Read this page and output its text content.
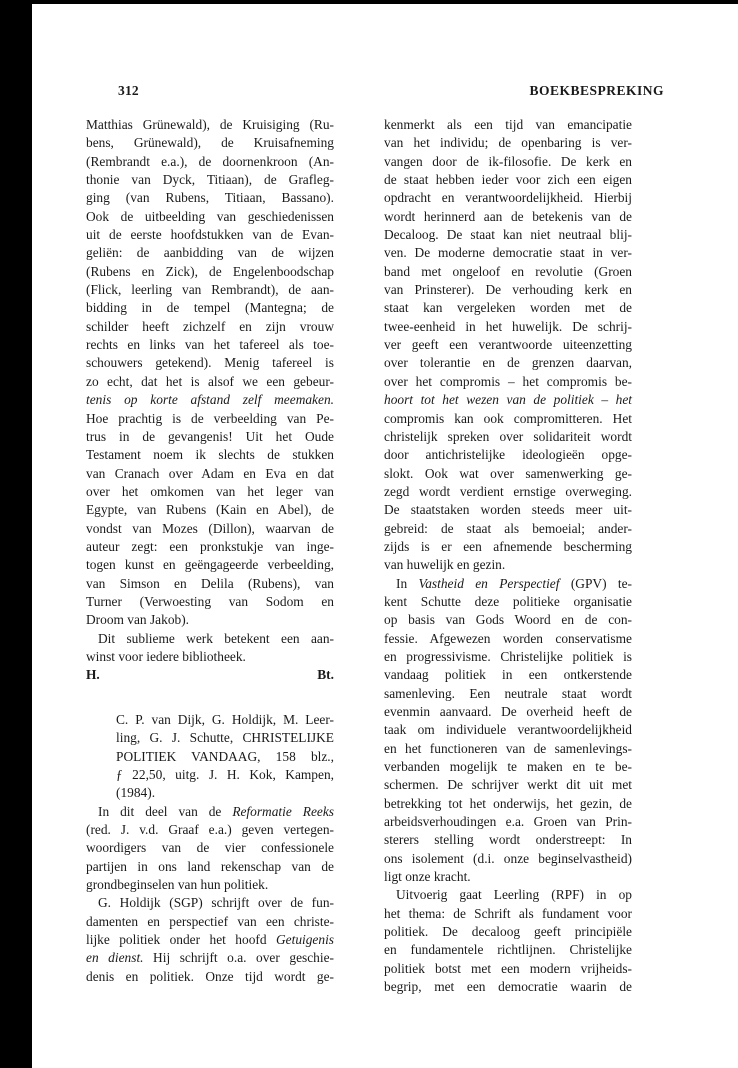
312	BOEKBESPREKING
Matthias Grünewald), de Kruisiging (Ru-
bens, Grünewald), de Kruisafneming
(Rembrandt e.a.), de doornenkroon (An-
thonie van Dyck, Titiaan), de Grafleg-
ging (van Rubens, Titiaan, Bassano).
Ook de uitbeelding van geschiedenissen
uit de eerste hoofdstukken van de Evan-
geliën: de aanbidding van de wijzen
(Rubens en Zick), de Engelenboodschap
(Flick, leerling van Rembrandt), de aan-
bidding in de tempel (Mantegna; de
schilder heeft zichzelf en zijn vrouw
rechts en links van het tafereel als toe-
schouwers getekend). Menig tafereel is
zo echt, dat het is alsof we een gebeur-
tenis op korte afstand zelf meemaken.
Hoe prachtig is de verbeelding van Pe-
trus in de gevangenis! Uit het Oude
Testament noem ik slechts de stukken
van Cranach over Adam en Eva en dat
over het omkomen van het leger van
Egypte, van Rubens (Kain en Abel), de
vondst van Mozes (Dillon), waarvan de
auteur zegt: een pronkstukje van inge-
togen kunst en geëngageerde verbeelding,
van Simson en Delila (Rubens), van
Turner (Verwoesting van Sodom en
Droom van Jakob).
Dit sublieme werk betekent een aan-
winst voor iedere bibliotheek.
H.	Bt.
C. P. van Dijk, G. Holdijk, M. Leer-
ling, G. J. Schutte, CHRISTELIJKE
POLITIEK VANDAAG, 158 blz.,
ƒ 22,50, uitg. J. H. Kok, Kampen,
(1984).
In dit deel van de Reformatie Reeks
(red. J. v.d. Graaf e.a.) geven vertegen-
woordigers van de vier confessionele
partijen in ons land rekenschap van de
grondbeginselen van hun politiek.
G. Holdijk (SGP) schrijft over de fun-
damenten en perspectief van een christe-
lijke politiek onder het hoofd Getuigenis
en dienst. Hij schrijft o.a. over geschie-
denis en politiek. Onze tijd wordt ge-
kenmerkt als een tijd van emancipatie
van het individu; de openbaring is ver-
vangen door de ik-filosofie. De kerk en
de staat hebben ieder voor zich een eigen
opdracht en verantwoordelijkheid. Hierbij
wordt herinnerd aan de betekenis van de
Decaloog. De staat kan niet neutraal blij-
ven. De moderne democratie staat in ver-
band met ongeloof en revolutie (Groen
van Prinsterer). De verhouding kerk en
staat kan vergeleken worden met de
twee-eenheid in het huwelijk. De schrij-
ver geeft een verantwoorde uiteenzetting
over tolerantie en de grenzen daarvan,
over het compromis – het compromis be-
hoort tot het wezen van de politiek – het
compromis kan ook compromitteren. Het
christelijk spreken over solidariteit wordt
door antichristelijke ideologieën opge-
slokt. Ook wat over samenwerking ge-
zegd wordt verdient ernstige overweging.
De staatstaken worden steeds meer uit-
gebreid: de staat als bemoeial; ander-
zijds is er een afnemende bescherming
van huwelijk en gezin.
In Vastheid en Perspectief (GPV) te-
kent Schutte deze politieke organisatie
op basis van Gods Woord en de con-
fessie. Afgewezen worden conservatisme
en progressivisme. Christelijke politiek is
vandaag politiek in een ontkerstende
samenleving. Een neutrale staat wordt
evenmin aanvaard. De overheid heeft de
taak om individuele verantwoordelijkheid
en het functioneren van de samenlevings-
verbanden mogelijk te maken en te be-
schermen. De schrijver werkt dit uit met
betrekking tot het onderwijs, het gezin, de
arbeidsverhoudingen e.a. Groen van Prin-
sterers stelling wordt onderstreept: In
ons isolement (d.i. onze beginselvastheid)
ligt onze kracht.
Uitvoerig gaat Leerling (RPF) in op
het thema: de Schrift als fundament voor
politiek. De decaloog geeft principiële
en fundamentele richtlijnen. Christelijke
politiek botst met een modern vrijheids-
begrip, met een democratie waarin de
